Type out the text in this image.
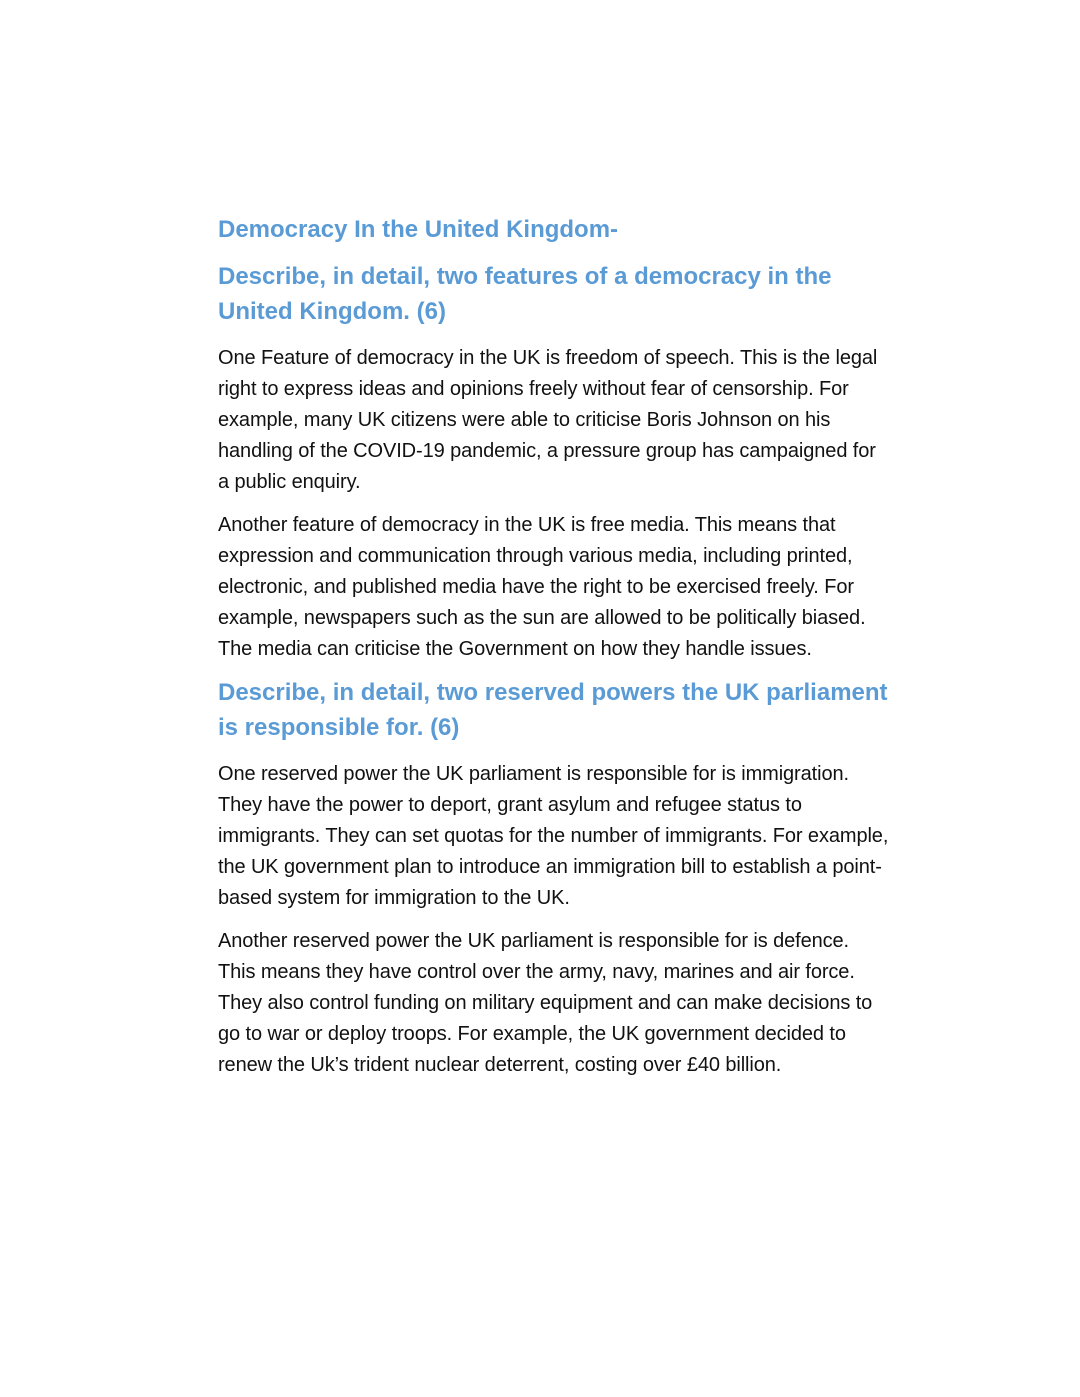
Democracy In the United Kingdom-
Describe, in detail, two features of a democracy in the United Kingdom. (6)

One Feature of democracy in the UK is freedom of speech. This is the legal right to express ideas and opinions freely without fear of censorship. For example, many UK citizens were able to criticise Boris Johnson on his handling of the COVID-19 pandemic, a pressure group has campaigned for a public enquiry.

Another feature of democracy in the UK is free media. This means that expression and communication through various media, including printed, electronic, and published media have the right to be exercised freely. For example, newspapers such as the sun are allowed to be politically biased. The media can criticise the Government on how they handle issues.

Describe, in detail, two reserved powers the UK parliament is responsible for. (6)

One reserved power the UK parliament is responsible for is immigration. They have the power to deport, grant asylum and refugee status to immigrants. They can set quotas for the number of immigrants. For example, the UK government plan to introduce an immigration bill to establish a point- based system for immigration to the UK.

Another reserved power the UK parliament is responsible for is defence. This means they have control over the army, navy, marines and air force. They also control funding on military equipment and can make decisions to go to war or deploy troops. For example, the UK government decided to renew the Uk’s trident nuclear deterrent, costing over £40 billion.
